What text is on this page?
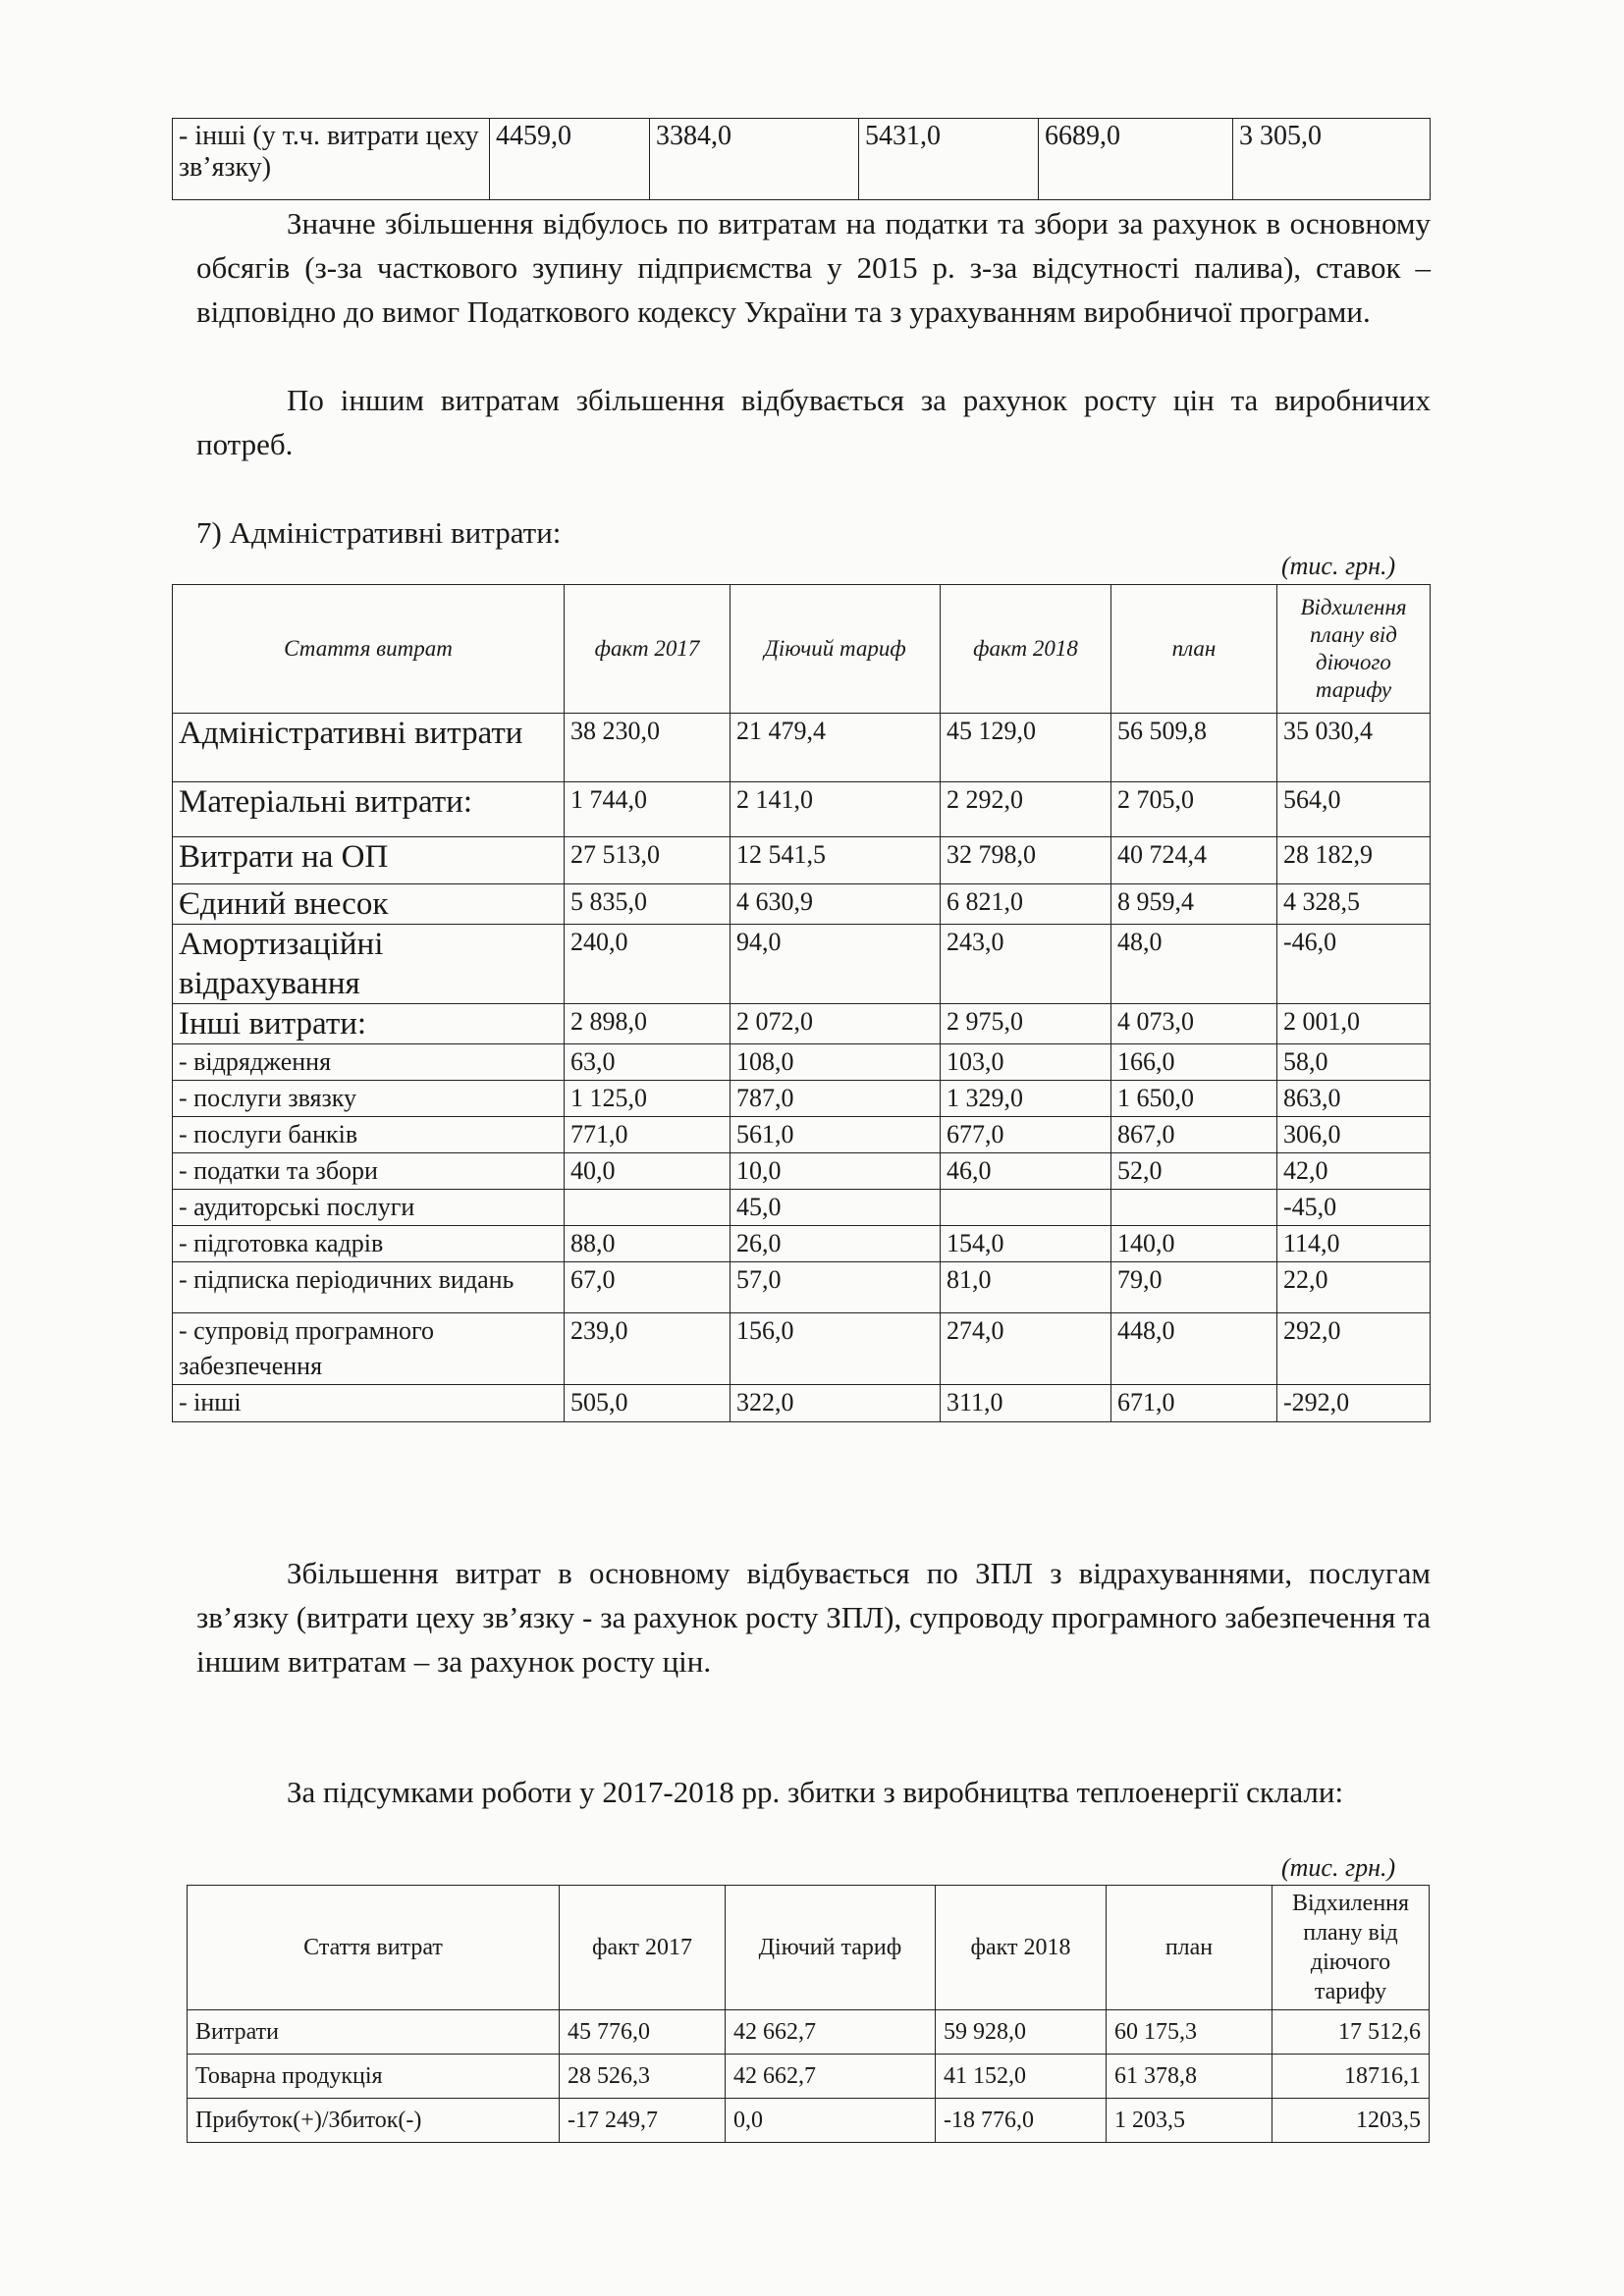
- інші (у т.ч. витрати цеху зв’язку)	4459,0	3384,0	5431,0	6689,0	3 305,0

Значне збільшення відбулось по витратам на податки та збори за рахунок в основному обсягів (з-за часткового зупину підприємства у 2015 р. з-за відсутності палива), ставок – відповідно до вимог Податкового кодексу України та з урахуванням виробничої програми.

По іншим витратам збільшення відбувається за рахунок росту цін та виробничих потреб.

7) Адміністративні витрати:
(тис. грн.)
Стаття витрат	факт 2017	Діючий тариф	факт 2018	план	Відхилення плану від діючого тарифу
Адміністративні витрати	38 230,0	21 479,4	45 129,0	56 509,8	35 030,4
Матеріальні витрати:	1 744,0	2 141,0	2 292,0	2 705,0	564,0
Витрати на ОП	27 513,0	12 541,5	32 798,0	40 724,4	28 182,9
Єдиний внесок	5 835,0	4 630,9	6 821,0	8 959,4	4 328,5
Амортизаційні відрахування	240,0	94,0	243,0	48,0	-46,0
Інші витрати:	2 898,0	2 072,0	2 975,0	4 073,0	2 001,0
- відрядження	63,0	108,0	103,0	166,0	58,0
- послуги звязку	1 125,0	787,0	1 329,0	1 650,0	863,0
- послуги банків	771,0	561,0	677,0	867,0	306,0
- податки та збори	40,0	10,0	46,0	52,0	42,0
- аудиторські послуги		45,0			-45,0
- підготовка кадрів	88,0	26,0	154,0	140,0	114,0
- підписка періодичних видань	67,0	57,0	81,0	79,0	22,0
- супровід програмного забезпечення	239,0	156,0	274,0	448,0	292,0
- інші	505,0	322,0	311,0	671,0	-292,0

Збільшення витрат в основному відбувається по ЗПЛ з відрахуваннями, послугам зв’язку (витрати цеху зв’язку - за рахунок росту ЗПЛ), супроводу програмного забезпечення та іншим витратам – за рахунок росту цін.

За підсумками роботи у 2017-2018 рр. збитки з виробництва теплоенергії склали:

(тис. грн.)
Стаття витрат	факт 2017	Діючий тариф	факт 2018	план	Відхилення плану від діючого тарифу
Витрати	45 776,0	42 662,7	59 928,0	60 175,3	17 512,6
Товарна продукція	28 526,3	42 662,7	41 152,0	61 378,8	18716,1
Прибуток(+)/Збиток(-)	-17 249,7	0,0	-18 776,0	1 203,5	1203,5
